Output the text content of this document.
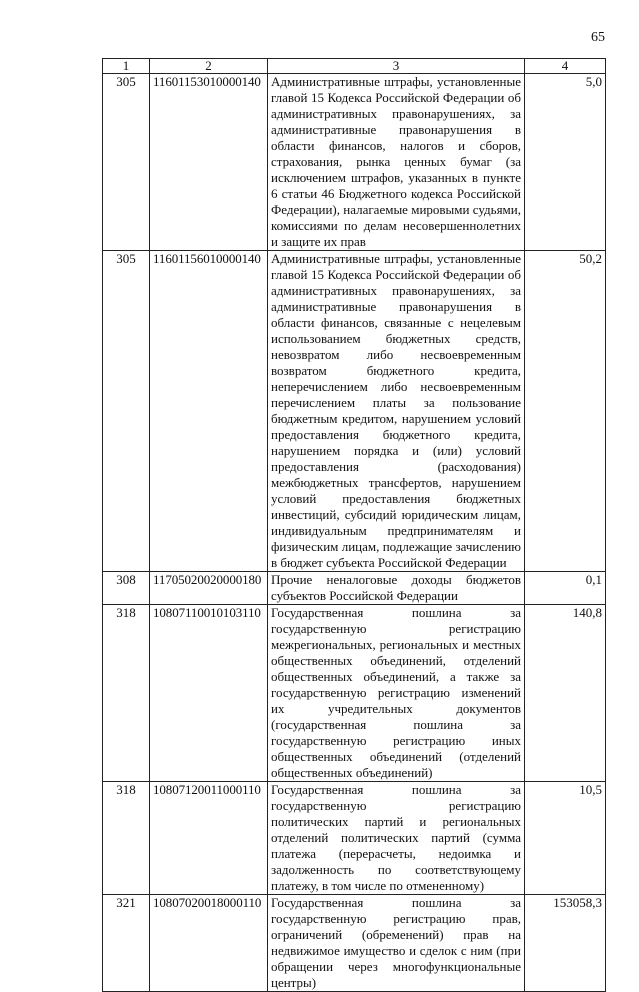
65
1	2	3	4
305	11601153010000140	Административные штрафы, установленные главой 15 Кодекса Российской Федерации об административных правонарушениях, за административные правонарушения в области финансов, налогов и сборов, страхования, рынка ценных бумаг (за исключением штрафов, указанных в пункте 6 статьи 46 Бюджетного кодекса Российской Федерации), налагаемые мировыми судьями, комиссиями по делам несовершеннолетних и защите их прав	5,0
305	11601156010000140	Административные штрафы, установленные главой 15 Кодекса Российской Федерации об административных правонарушениях, за административные правонарушения в области финансов, связанные с нецелевым использованием бюджетных средств, невозвратом либо несвоевременным возвратом бюджетного кредита, неперечислением либо несвоевременным перечислением платы за пользование бюджетным кредитом, нарушением условий предоставления бюджетного кредита, нарушением порядка и (или) условий предоставления (расходования) межбюджетных трансфертов, нарушением условий предоставления бюджетных инвестиций, субсидий юридическим лицам, индивидуальным предпринимателям и физическим лицам, подлежащие зачислению в бюджет субъекта Российской Федерации	50,2
308	11705020020000180	Прочие неналоговые доходы бюджетов субъектов Российской Федерации	0,1
318	10807110010103110	Государственная пошлина за государственную регистрацию межрегиональных, региональных и местных общественных объединений, отделений общественных объединений, а также за государственную регистрацию изменений их учредительных документов (государственная пошлина за государственную регистрацию иных общественных объединений (отделений общественных объединений)	140,8
318	10807120011000110	Государственная пошлина за государственную регистрацию политических партий и региональных отделений политических партий (сумма платежа (перерасчеты, недоимка и задолженность по соответствующему платежу, в том числе по отмененному)	10,5
321	10807020018000110	Государственная пошлина за государственную регистрацию прав, ограничений (обременений) прав на недвижимое имущество и сделок с ним (при обращении через многофункциональные центры)	153058,3
